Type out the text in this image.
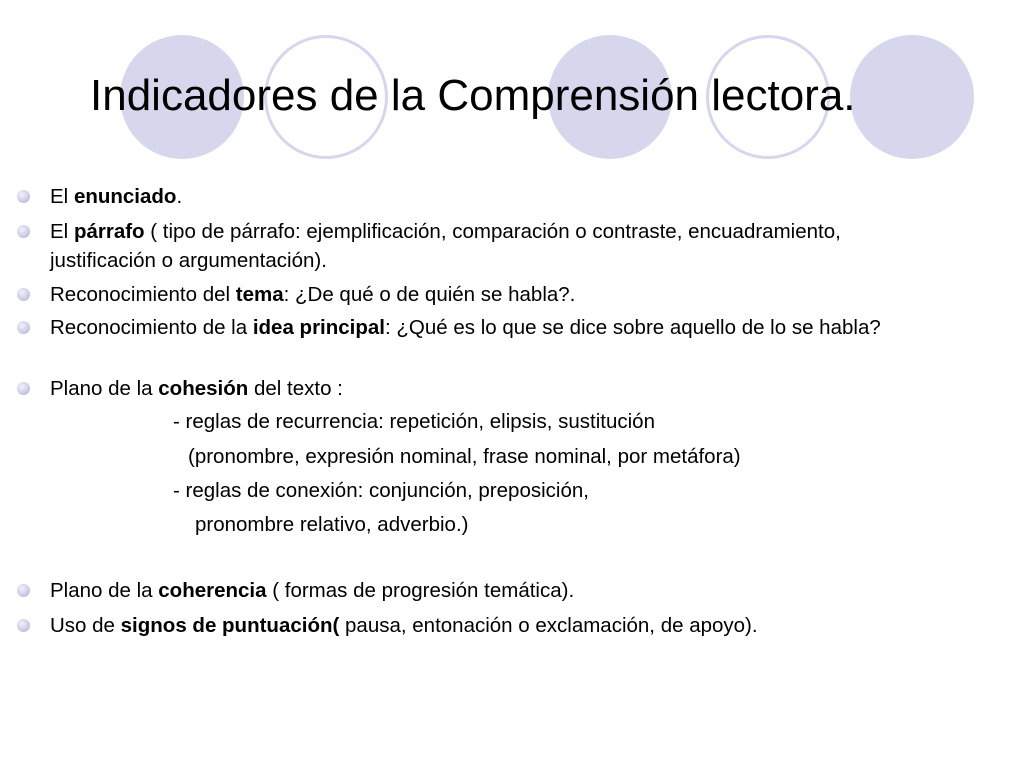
Indicadores de la Comprensión lectora.
El enunciado.
El párrafo ( tipo de párrafo: ejemplificación, comparación o contraste, encuadramiento, justificación o argumentación).
Reconocimiento del tema: ¿De qué o de quién se habla?.
Reconocimiento de la idea principal: ¿Qué es lo que se dice sobre aquello de lo se habla?
Plano de la cohesión del texto :
Plano de la coherencia ( formas de progresión temática).
Uso de signos de puntuación( pausa, entonación o exclamación, de apoyo).
- reglas de recurrencia: repetición, elipsis, sustitución
(pronombre, expresión nominal, frase nominal, por metáfora)
- reglas de conexión: conjunción, preposición,
pronombre relativo, adverbio.)
